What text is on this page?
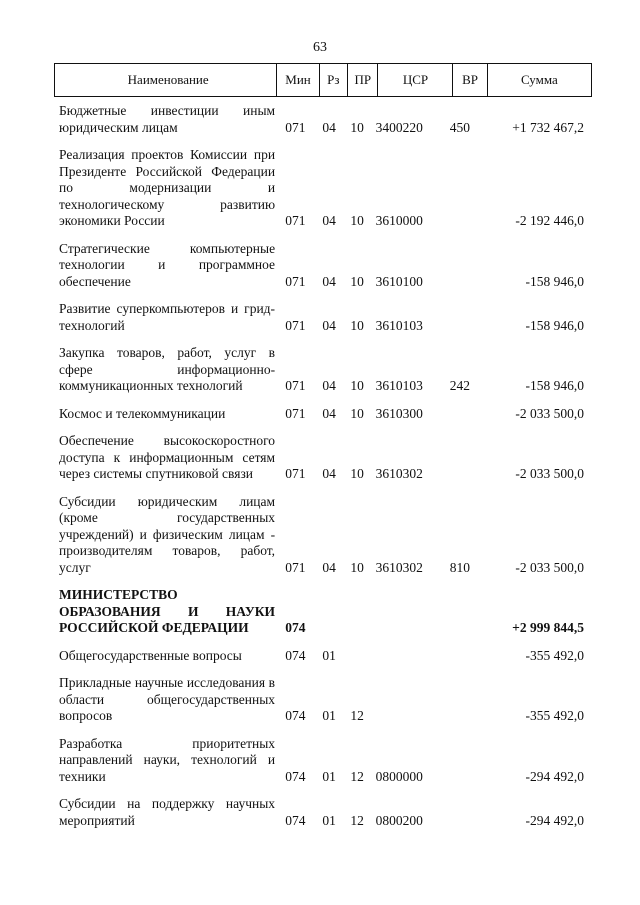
63
Наименование	Мин	Рз	ПР	ЦСР	ВР	Сумма
Бюджетные инвестиции иным юридическим лицам	071	04	10	3400220	450	+1 732 467,2

Реализация проектов Комиссии при Президенте Российской Федерации по модернизации и технологическому развитию экономики России	071	04	10	3610000		-2 192 446,0

Стратегические компьютерные технологии и программное обеспечение	071	04	10	3610100		-158 946,0

Развитие суперкомпьютеров и грид-технологий	071	04	10	3610103		-158 946,0

Закупка товаров, работ, услуг в сфере информационно-коммуникационных технологий	071	04	10	3610103	242	-158 946,0

Космос и телекоммуникации	071	04	10	3610300		-2 033 500,0

Обеспечение высокоскоростного доступа к информационным сетям через системы спутниковой связи	071	04	10	3610302		-2 033 500,0

Субсидии юридическим лицам (кроме государственных учреждений) и физическим лицам - производителям товаров, работ, услуг	071	04	10	3610302	810	-2 033 500,0

МИНИСТЕРСТВО ОБРАЗОВАНИЯ И НАУКИ РОССИЙСКОЙ ФЕДЕРАЦИИ	074					+2 999 844,5

Общегосударственные вопросы	074	01				-355 492,0

Прикладные научные исследования в области общегосударственных вопросов	074	01	12			-355 492,0

Разработка приоритетных направлений науки, технологий и техники	074	01	12	0800000		-294 492,0

Субсидии на поддержку научных мероприятий	074	01	12	0800200		-294 492,0
